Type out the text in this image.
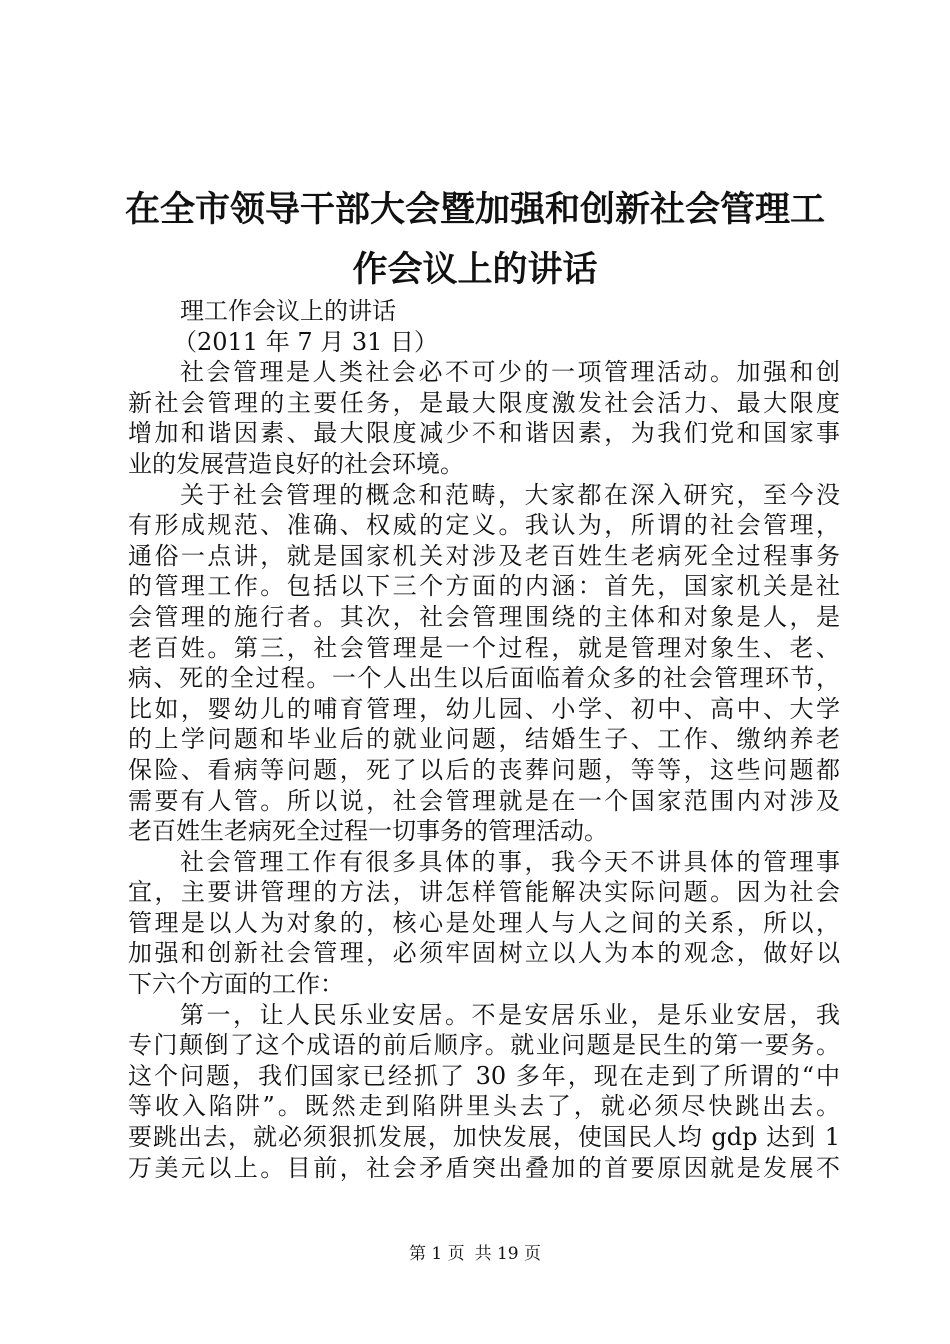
在全市领导干部大会暨加强和创新社会管理工
作会议上的讲话
理工作会议上的讲话
（2011 年 7 月 31 日）
社会管理是人类社会必不可少的一项管理活动。加强和创
新社会管理的主要任务，是最大限度激发社会活力、最大限度
增加和谐因素、最大限度减少不和谐因素，为我们党和国家事
业的发展营造良好的社会环境。
关于社会管理的概念和范畴，大家都在深入研究，至今没
有形成规范、准确、权威的定义。我认为，所谓的社会管理，
通俗一点讲，就是国家机关对涉及老百姓生老病死全过程事务
的管理工作。包括以下三个方面的内涵：首先，国家机关是社
会管理的施行者。其次，社会管理围绕的主体和对象是人，是
老百姓。第三，社会管理是一个过程，就是管理对象生、老、
病、死的全过程。一个人出生以后面临着众多的社会管理环节，
比如，婴幼儿的哺育管理，幼儿园、小学、初中、高中、大学
的上学问题和毕业后的就业问题，结婚生子、工作、缴纳养老
保险、看病等问题，死了以后的丧葬问题，等等，这些问题都
需要有人管。所以说，社会管理就是在一个国家范围内对涉及
老百姓生老病死全过程一切事务的管理活动。
社会管理工作有很多具体的事，我今天不讲具体的管理事
宜，主要讲管理的方法，讲怎样管能解决实际问题。因为社会
管理是以人为对象的，核心是处理人与人之间的关系，所以，
加强和创新社会管理，必须牢固树立以人为本的观念，做好以
下六个方面的工作：
第一，让人民乐业安居。不是安居乐业，是乐业安居，我
专门颠倒了这个成语的前后顺序。就业问题是民生的第一要务。
这个问题，我们国家已经抓了 30 多年，现在走到了所谓的“中
等收入陷阱”。既然走到陷阱里头去了，就必须尽快跳出去。
要跳出去，就必须狠抓发展，加快发展，使国民人均 gdp 达到 1
万美元以上。目前，社会矛盾突出叠加的首要原因就是发展不
第 1 页 共 19 页
